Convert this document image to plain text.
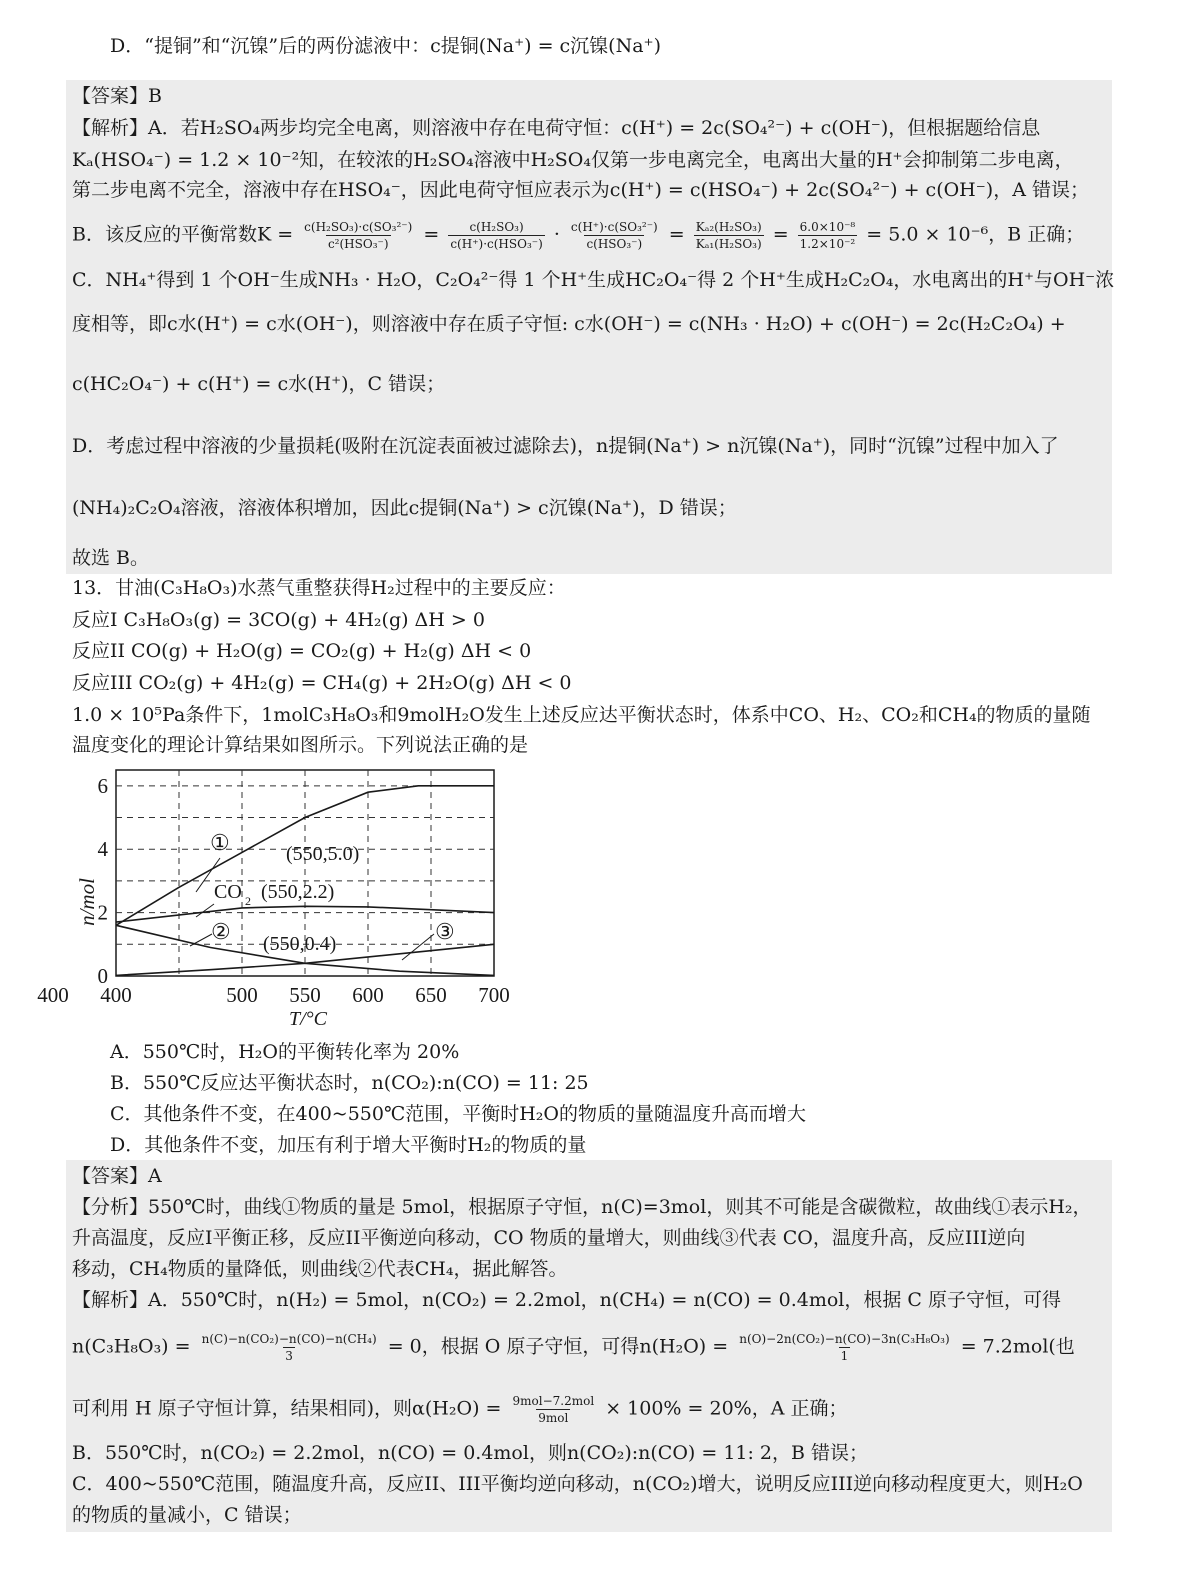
D．“提铜”和“沉镍”后的两份滤液中：c提铜(Na⁺) = c沉镍(Na⁺)
【答案】B
【解析】A．若H₂SO₄两步均完全电离，则溶液中存在电荷守恒：c(H⁺) = 2c(SO₄²⁻) + c(OH⁻)，但根据题给信息
Kₐ(HSO₄⁻) = 1.2 × 10⁻²知，在较浓的H₂SO₄溶液中H₂SO₄仅第一步电离完全，电离出大量的H⁺会抑制第二步电离，
第二步电离不完全，溶液中存在HSO₄⁻，因此电荷守恒应表示为c(H⁺) = c(HSO₄⁻) + 2c(SO₄²⁻) + c(OH⁻)，A 错误；
B．该反应的平衡常数$K = \frac{\text{c(H₂SO₃)·c(SO₃²⁻)}}{\text{c²(HSO₃⁻)}} = \frac{\text{c(H₂SO₃)}}{\text{c(H⁺)·c(HSO₃⁻)}} \cdot \frac{\text{c(H⁺)·c(SO₃²⁻)}}{\text{c(HSO₃⁻)}} = \frac{\text{Kₐ₂(H₂SO₃)}}{\text{Kₐ₁(H₂SO₃)}} = \frac{\text{6.0×10⁻⁸}}{\text{1.2×10⁻²}} = 5.0 \times 10^{-6}$，B 正确；
C．NH₄⁺得到 1 个OH⁻生成NH₃ · H₂O，C₂O₄²⁻得 1 个H⁺生成HC₂O₄⁻得 2 个H⁺生成H₂C₂O₄，水电离出的H⁺与OH⁻浓
度相等，即c水(H⁺) = c水(OH⁻)，则溶液中存在质子守恒: c水(OH⁻) = c(NH₃ · H₂O) + c(OH⁻) = 2c(H₂C₂O₄) +
c(HC₂O₄⁻) + c(H⁺) = c水(H⁺)，C 错误；
D．考虑过程中溶液的少量损耗(吸附在沉淀表面被过滤除去)，n提铜(Na⁺) > n沉镍(Na⁺)，同时“沉镍”过程中加入了
(NH₄)₂C₂O₄溶液，溶液体积增加，因此c提铜(Na⁺) > c沉镍(Na⁺)，D 错误；
故选 B。
13．甘油(C₃H₈O₃)水蒸气重整获得H₂过程中的主要反应：
反应I C₃H₈O₃(g) = 3CO(g) + 4H₂(g) ΔH > 0
反应II CO(g) + H₂O(g) = CO₂(g) + H₂(g) ΔH < 0
反应III CO₂(g) + 4H₂(g) = CH₄(g) + 2H₂O(g) ΔH < 0
1.0 × 10⁵Pa条件下，1molC₃H₈O₃和9molH₂O发生上述反应达平衡状态时，体系中CO、H₂、CO₂和CH₄的物质的量随
温度变化的理论计算结果如图所示。下列说法正确的是
400 400	500 550 600 650 700
0
2
4
6
n/mol
T/°C
(550,5.0)
(550,2.2)
(550,0.4)
①
CO 2
②	③
A．550℃时，H₂O的平衡转化率为 20%
B．550℃反应达平衡状态时，n(CO₂):n(CO) = 11: 25
C．其他条件不变，在400~550℃范围，平衡时H₂O的物质的量随温度升高而增大
D．其他条件不变，加压有利于增大平衡时H₂的物质的量
【答案】A
【分析】550℃时，曲线①物质的量是 5mol，根据原子守恒，n(C)=3mol，则其不可能是含碳微粒，故曲线①表示H₂，
升高温度，反应I平衡正移，反应II平衡逆向移动，CO 物质的量增大，则曲线③代表 CO，温度升高，反应III逆向
移动，CH₄物质的量降低，则曲线②代表CH₄，据此解答。
【解析】A．550℃时，n(H₂) = 5mol，n(CO₂) = 2.2mol，n(CH₄) = n(CO) = 0.4mol，根据 C 原子守恒，可得
$n(C_3H_8O_3) = \frac{\text{n(C)−n(CO₂)−n(CO)−n(CH₄)}}{3} = 0$，根据 O 原子守恒，可得$n(H_2O) = \frac{\text{n(O)−2n(CO₂)−n(CO)−3n(C₃H₈O₃)}}{1} = 7.2mol$(也
可利用 H 原子守恒计算，结果相同)，则$\alpha(H_2O) = \frac{\text{9mol−7.2mol}}{\text{9mol}} \times 100\% = 20\%$，A 正确；
B．550℃时，n(CO₂) = 2.2mol，n(CO) = 0.4mol，则n(CO₂):n(CO) = 11: 2，B 错误；
C．400~550℃范围，随温度升高，反应II、III平衡均逆向移动，n(CO₂)增大，说明反应III逆向移动程度更大，则H₂O
的物质的量减小，C 错误；
